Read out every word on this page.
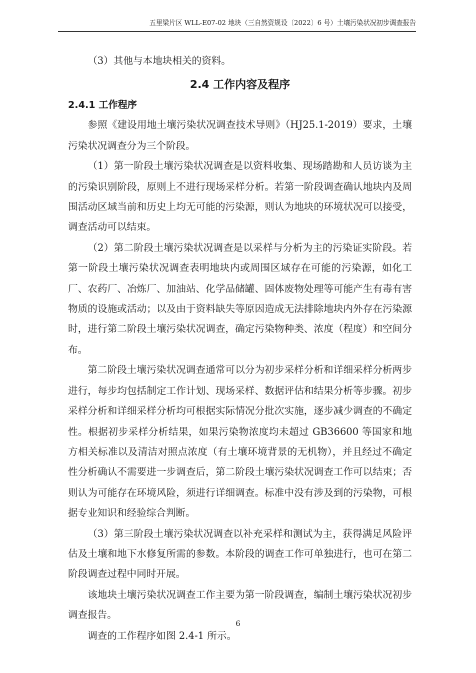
五里梁片区 WLL-E07-02 地块（三自然资规设〔2022〕6 号）土壤污染状况初步调查报告

（3）其他与本地块相关的资料。

2.4 工作内容及程序
2.4.1 工作程序

参照《建设用地土壤污染状况调查技术导则》（HJ25.1-2019）要求，土壤污染状况调查分为三个阶段。

（1）第一阶段土壤污染状况调查是以资料收集、现场踏勘和人员访谈为主的污染识别阶段，原则上不进行现场采样分析。若第一阶段调查确认地块内及周围活动区域当前和历史上均无可能的污染源，则认为地块的环境状况可以接受，调查活动可以结束。

（2）第二阶段土壤污染状况调查是以采样与分析为主的污染证实阶段。若第一阶段土壤污染状况调查表明地块内或周围区域存在可能的污染源，如化工厂、农药厂、冶炼厂、加油站、化学品储罐、固体废物处理等可能产生有毒有害物质的设施或活动；以及由于资料缺失等原因造成无法排除地块内外存在污染源时，进行第二阶段土壤污染状况调查，确定污染物种类、浓度（程度）和空间分布。

第二阶段土壤污染状况调查通常可以分为初步采样分析和详细采样分析两步进行，每步均包括制定工作计划、现场采样、数据评估和结果分析等步骤。初步采样分析和详细采样分析均可根据实际情况分批次实施，逐步减少调查的不确定性。根据初步采样分析结果，如果污染物浓度均未超过 GB36600 等国家和地方相关标准以及清洁对照点浓度（有土壤环境背景的无机物），并且经过不确定性分析确认不需要进一步调查后，第二阶段土壤污染状况调查工作可以结束；否则认为可能存在环境风险，须进行详细调查。标准中没有涉及到的污染物，可根据专业知识和经验综合判断。

（3）第三阶段土壤污染状况调查以补充采样和测试为主，获得满足风险评估及土壤和地下水修复所需的参数。本阶段的调查工作可单独进行，也可在第二阶段调查过程中同时开展。

该地块土壤污染状况调查工作主要为第一阶段调查，编制土壤污染状况初步调查报告。

调查的工作程序如图 2.4-1 所示。

6
